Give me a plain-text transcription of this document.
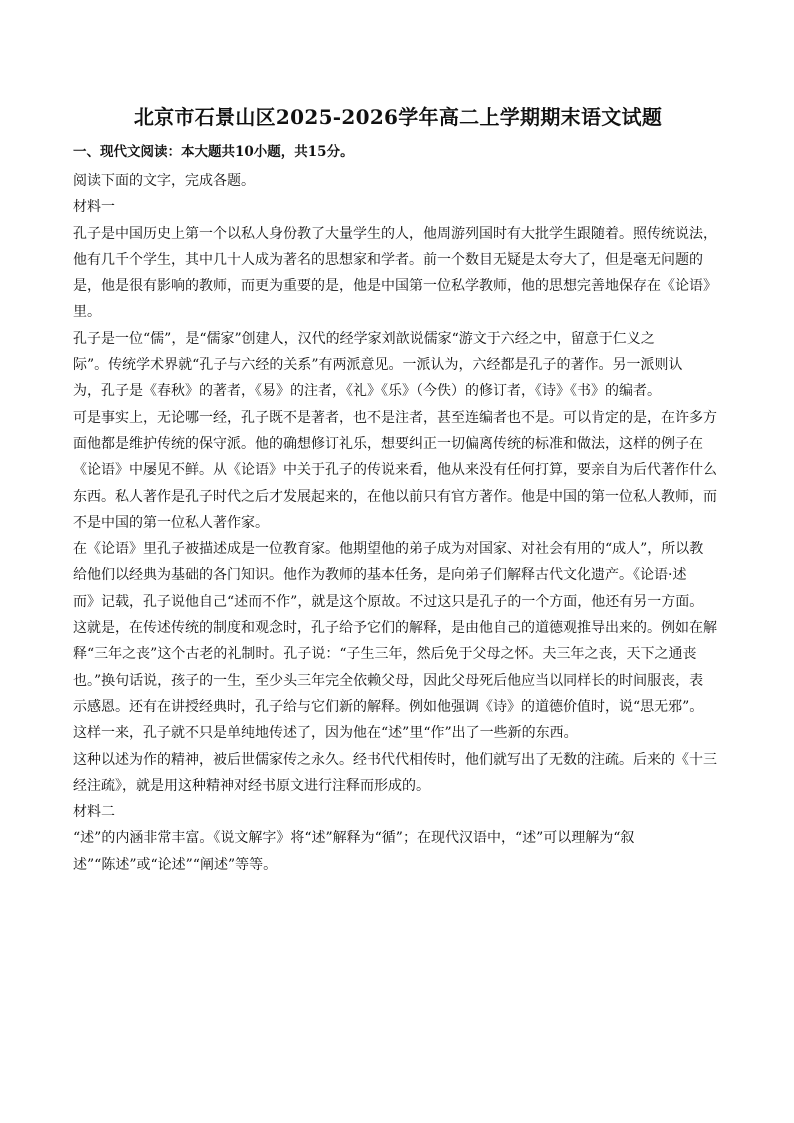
北京市石景山区2025-2026学年高二上学期期末语文试题
一、现代文阅读：本大题共10小题，共15分。

阅读下面的文字，完成各题。

材料一

孔子是中国历史上第一个以私人身份教了大量学生的人，他周游列国时有大批学生跟随着。照传统说法，

他有几千个学生，其中几十人成为著名的思想家和学者。前一个数目无疑是太夸大了，但是毫无问题的

是，他是很有影响的教师，而更为重要的是，他是中国第一位私学教师，他的思想完善地保存在《论语》

里。

孔子是一位“儒”，是“儒家”创建人，汉代的经学家刘歆说儒家“游文于六经之中，留意于仁义之

际”。传统学术界就“孔子与六经的关系”有两派意见。一派认为，六经都是孔子的著作。另一派则认

为，孔子是《春秋》的著者，《易》的注者，《礼》《乐》（今佚）的修订者，《诗》《书》的编者。

可是事实上，无论哪一经，孔子既不是著者，也不是注者，甚至连编者也不是。可以肯定的是，在许多方

面他都是维护传统的保守派。他的确想修订礼乐，想要纠正一切偏离传统的标准和做法，这样的例子在

《论语》中屡见不鲜。从《论语》中关于孔子的传说来看，他从来没有任何打算，要亲自为后代著作什么

东西。私人著作是孔子时代之后才发展起来的，在他以前只有官方著作。他是中国的第一位私人教师，而

不是中国的第一位私人著作家。

在《论语》里孔子被描述成是一位教育家。他期望他的弟子成为对国家、对社会有用的“成人”，所以教

给他们以经典为基础的各门知识。他作为教师的基本任务，是向弟子们解释古代文化遗产。《论语·述

而》记载，孔子说他自己“述而不作”，就是这个原故。不过这只是孔子的一个方面，他还有另一方面。

这就是，在传述传统的制度和观念时，孔子给予它们的解释，是由他自己的道德观推导出来的。例如在解

释“三年之丧”这个古老的礼制时。孔子说：“子生三年，然后免于父母之怀。夫三年之丧，天下之通丧

也。”换句话说，孩子的一生，至少头三年完全依赖父母，因此父母死后他应当以同样长的时间服丧，表

示感恩。还有在讲授经典时，孔子给与它们新的解释。例如他强调《诗》的道德价值时，说“思无邪”。

这样一来，孔子就不只是单纯地传述了，因为他在“述”里“作”出了一些新的东西。

这种以述为作的精神，被后世儒家传之永久。经书代代相传时，他们就写出了无数的注疏。后来的《十三

经注疏》，就是用这种精神对经书原文进行注释而形成的。

材料二

“述”的内涵非常丰富。《说文解字》将“述”解释为“循”；在现代汉语中，“述”可以理解为“叙

述”“陈述”或“论述”“阐述”等等。
